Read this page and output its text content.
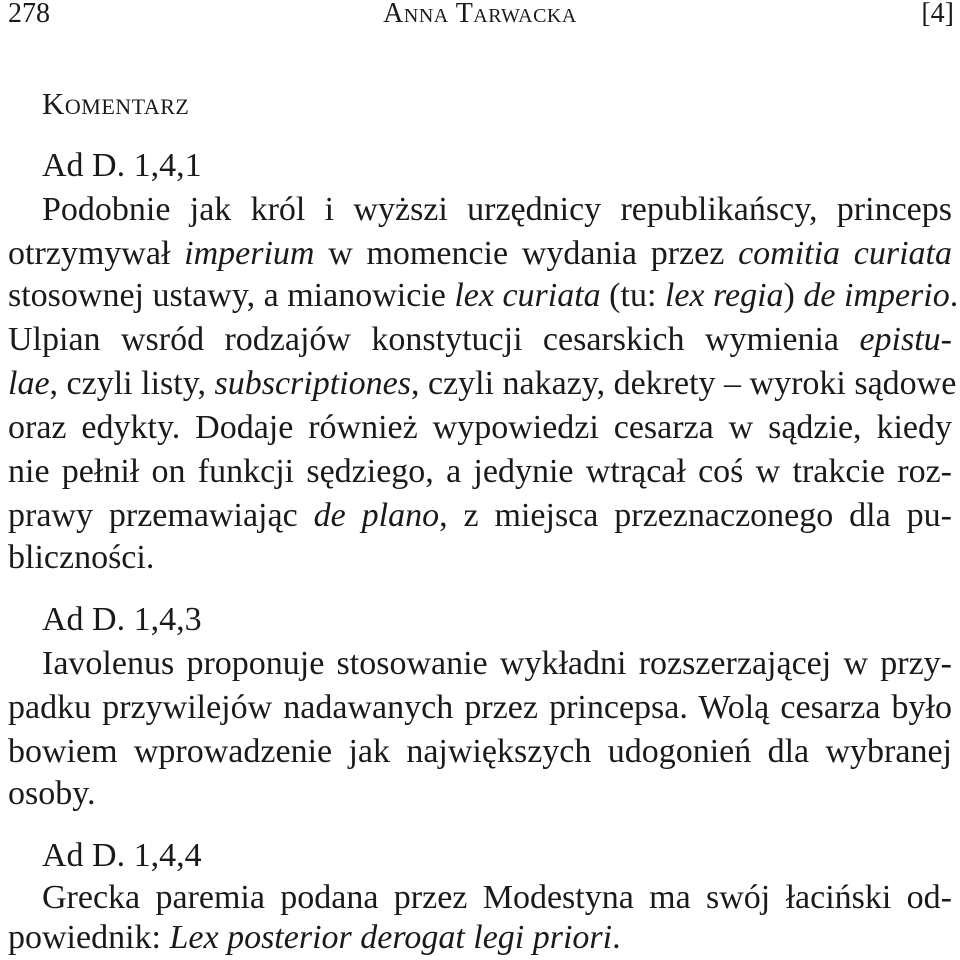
278	Anna Tarwacka	[4]
Komentarz
Ad D. 1,4,1
Podobnie jak król i wyższi urzędnicy republikańscy, princeps
otrzymywał imperium w momencie wydania przez comitia curiata
stosownej ustawy, a mianowicie lex curiata (tu: lex regia) de imperio.
Ulpian wsród rodzajów konstytucji cesarskich wymienia epistu-
lae, czyli listy, subscriptiones, czyli nakazy, dekrety – wyroki sądowe
oraz edykty. Dodaje również wypowiedzi cesarza w sądzie, kiedy
nie pełnił on funkcji sędziego, a jedynie wtrącał coś w trakcie roz-
prawy przemawiając de plano, z miejsca przeznaczonego dla pu-
bliczności.
Ad D. 1,4,3
Iavolenus proponuje stosowanie wykładni rozszerzającej w przy-
padku przywilejów nadawanych przez princepsa. Wolą cesarza było
bowiem wprowadzenie jak największych udogonień dla wybranej
osoby.
Ad D. 1,4,4
Grecka paremia podana przez Modestyna ma swój łaciński od-
powiednik: Lex posterior derogat legi priori.
